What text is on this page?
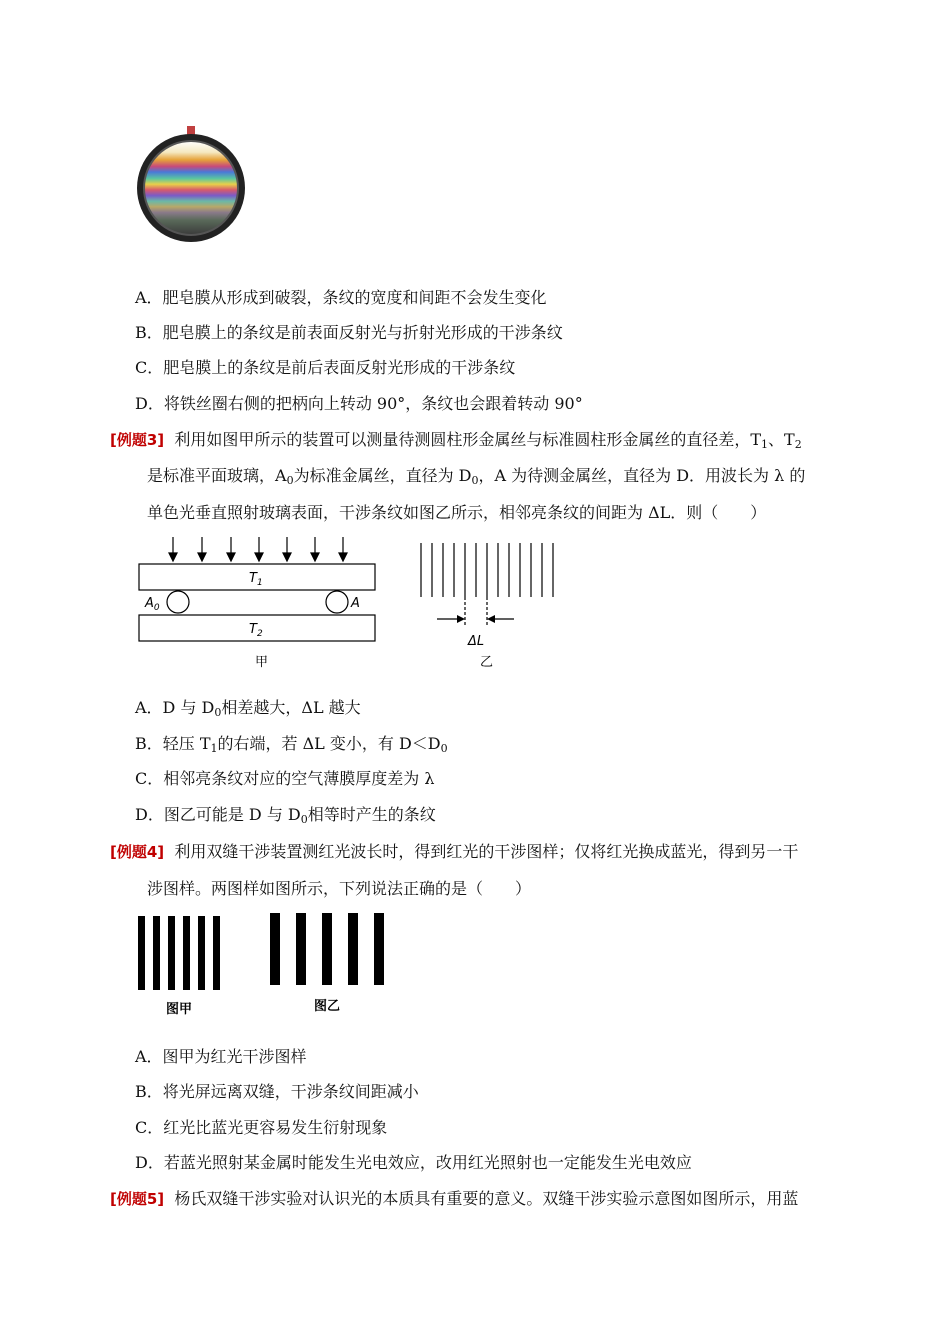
A．肥皂膜从形成到破裂，条纹的宽度和间距不会发生变化
B．肥皂膜上的条纹是前表面反射光与折射光形成的干涉条纹
C．肥皂膜上的条纹是前后表面反射光形成的干涉条纹
D．将铁丝圈右侧的把柄向上转动 90°，条纹也会跟着转动 90°
[例题3] 利用如图甲所示的装置可以测量待测圆柱形金属丝与标准圆柱形金属丝的直径差，$T_1$、$T_2$
是标准平面玻璃，$A_0$为标准金属丝，直径为 $D_0$，A 为待测金属丝，直径为 D．用波长为 λ 的
单色光垂直照射玻璃表面，干涉条纹如图乙所示，相邻亮条纹的间距为 ΔL．则（　　）
$T_1$
$T_2$
$A_0$	A
甲
ΔL
乙
A．D 与 $D_0$相差越大，ΔL 越大
B．轻压 $T_1$的右端，若 ΔL 变小，有 $D<D_0$
C．相邻亮条纹对应的空气薄膜厚度差为 λ
D．图乙可能是 D 与 $D_0$相等时产生的条纹
[例题4] 利用双缝干涉装置测红光波长时，得到红光的干涉图样；仅将红光换成蓝光，得到另一干
涉图样。两图样如图所示，下列说法正确的是（　　）
图甲	图乙
A．图甲为红光干涉图样
B．将光屏远离双缝，干涉条纹间距减小
C．红光比蓝光更容易发生衍射现象
D．若蓝光照射某金属时能发生光电效应，改用红光照射也一定能发生光电效应
[例题5] 杨氏双缝干涉实验对认识光的本质具有重要的意义。双缝干涉实验示意图如图所示，用蓝
